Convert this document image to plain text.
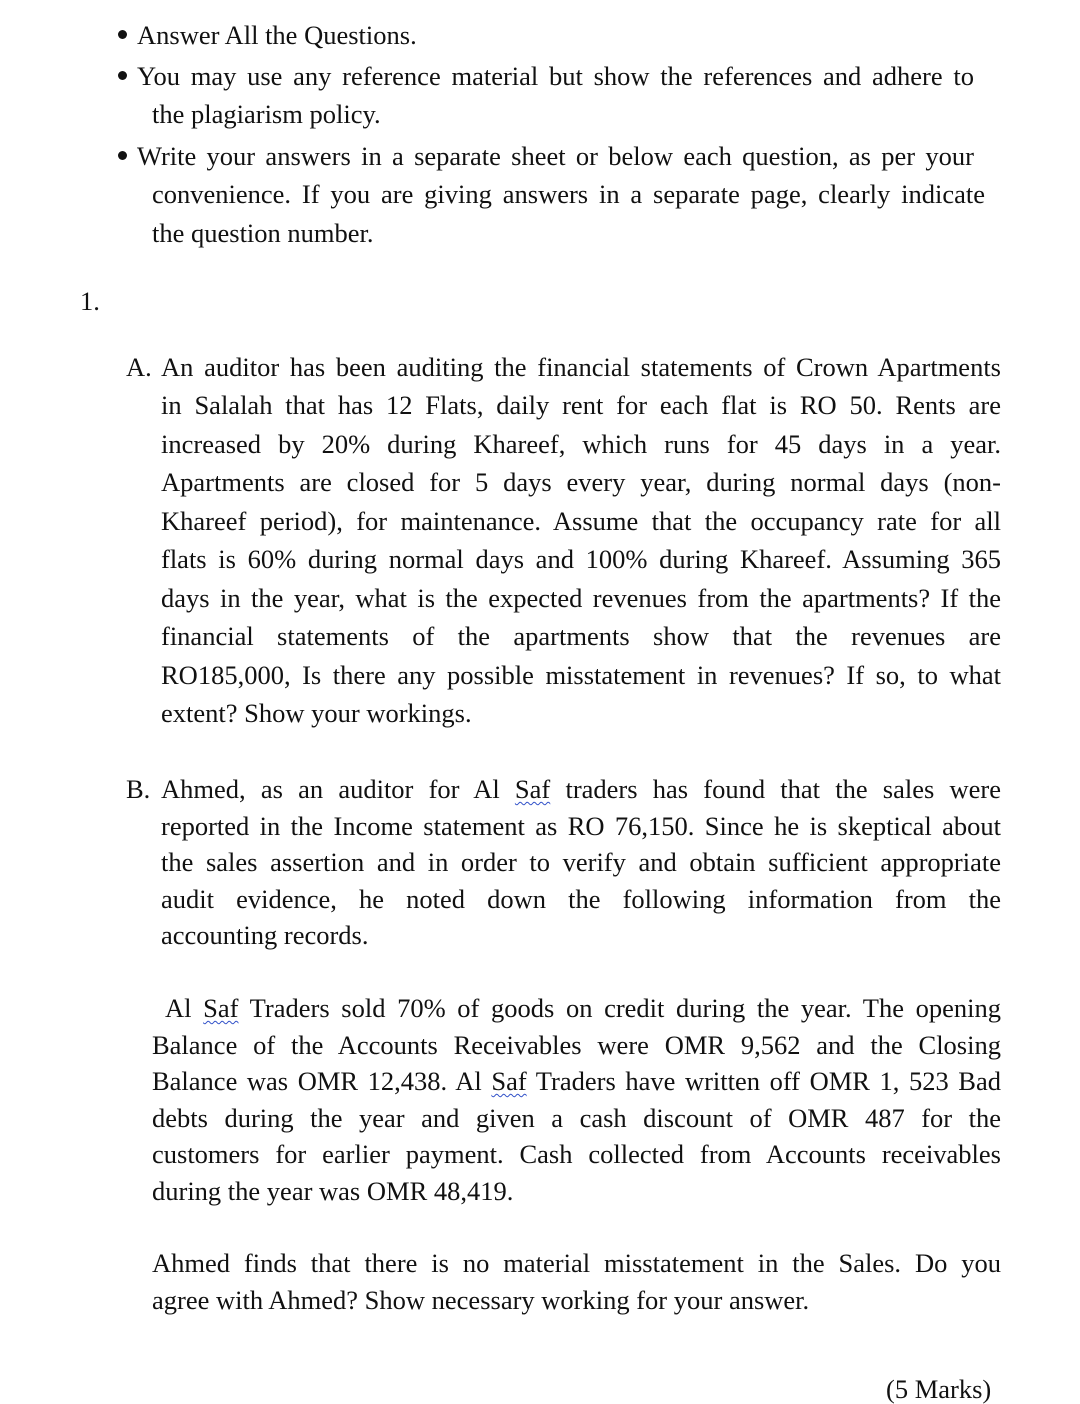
Answer All the Questions.
You may use any reference material but show the references and adhere to
the plagiarism policy.
Write your answers in a separate sheet or below each question, as per your
convenience. If you are giving answers in a separate page, clearly indicate
the question number.
1.
A. An auditor has been auditing the financial statements of Crown Apartments
in Salalah that has 12 Flats, daily rent for each flat is RO 50. Rents are
increased by 20% during Khareef, which runs for 45 days in a year.
Apartments are closed for 5 days every year, during normal days (non-
Khareef period), for maintenance. Assume that the occupancy rate for all
flats is 60% during normal days and 100% during Khareef. Assuming 365
days in the year, what is the expected revenues from the apartments? If the
financial statements of the apartments show that the revenues are
RO185,000, Is there any possible misstatement in revenues? If so, to what
extent? Show your workings.
B. Ahmed, as an auditor for Al Saf traders has found that the sales were
reported in the Income statement as RO 76,150. Since he is skeptical about
the sales assertion and in order to verify and obtain sufficient appropriate
audit evidence, he noted down the following information from the
accounting records.
Al Saf Traders sold 70% of goods on credit during the year. The opening
Balance of the Accounts Receivables were OMR 9,562 and the Closing
Balance was OMR 12,438. Al Saf Traders have written off OMR 1, 523 Bad
debts during the year and given a cash discount of OMR 487 for the
customers for earlier payment. Cash collected from Accounts receivables
during the year was OMR 48,419.
Ahmed finds that there is no material misstatement in the Sales. Do you
agree with Ahmed? Show necessary working for your answer.
(5 Marks)
